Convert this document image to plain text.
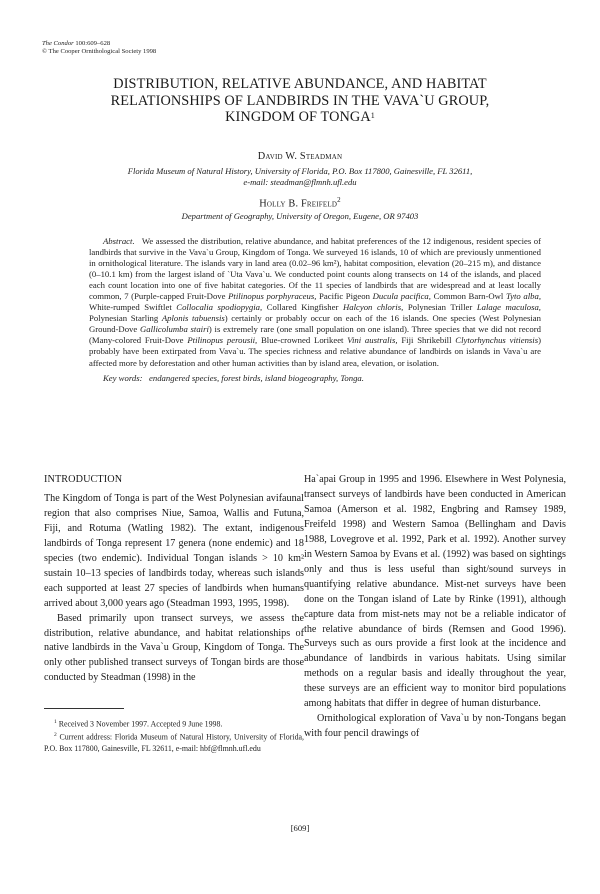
The Condor 100:609–628
© The Cooper Ornithological Society 1998
DISTRIBUTION, RELATIVE ABUNDANCE, AND HABITAT
RELATIONSHIPS OF LANDBIRDS IN THE VAVA`U GROUP,
KINGDOM OF TONGA$^1$
David W. Steadman
Florida Museum of Natural History, University of Florida, P.O. Box 117800, Gainesville, FL 32611,
e-mail: steadman@flmnh.ufl.edu
Holly B. Freifeld$^2$
Department of Geography, University of Oregon, Eugene, OR 97403

Abstract. We assessed the distribution, relative abundance, and habitat preferences of the 12 indigenous, resident species of landbirds that survive in the Vava`u Group, Kingdom of Tonga. We surveyed 16 islands, 10 of which are previously unmentioned in ornithological literature. The islands vary in land area (0.02–96 km²), habitat composition, elevation (20–215 m), and distance (0–10.1 km) from the largest island of `Uta Vava`u. We conducted point counts along transects on 14 of the islands, and placed each count location into one of five habitat categories. Of the 11 species of landbirds that are widespread and at least locally common, 7 (Purple-capped Fruit-Dove Ptilinopus porphyraceus, Pacific Pigeon Ducula pacifica, Common Barn-Owl Tyto alba, White-rumped Swiftlet Collocalia spodiopygia, Collared Kingfisher Halcyon chloris, Polynesian Triller Lalage maculosa, Polynesian Starling Aplonis tabuensis) certainly or probably occur on each of the 16 islands. One species (West Polynesian Ground-Dove Gallicolumba stairi) is extremely rare (one small population on one island). Three species that we did not record (Many-colored Fruit-Dove Ptilinopus perousii, Blue-crowned Lorikeet Vini australis, Fiji Shrikebill Clytorhynchus vitiensis) probably have been extirpated from Vava`u. The species richness and relative abundance of landbirds on islands in Vava`u are affected more by deforestation and other human activities than by island area, elevation, or isolation.

Key words: endangered species, forest birds, island biogeography, Tonga.

INTRODUCTION

The Kingdom of Tonga is part of the West Polynesian avifaunal region that also comprises Niue, Samoa, Wallis and Futuna, Fiji, and Rotuma (Watling 1982). The extant, indigenous landbirds of Tonga represent 17 genera (none endemic) and 18 species (two endemic). Individual Tongan islands > 10 km² sustain 10–13 species of landbirds today, whereas such islands each supported at least 27 species of landbirds when humans arrived about 3,000 years ago (Steadman 1993, 1995, 1998).

Based primarily upon transect surveys, we assess the distribution, relative abundance, and habitat relationships of native landbirds in the Vava`u Group, Kingdom of Tonga. The only other published transect surveys of Tongan birds are those conducted by Steadman (1998) in the

$^1$ Received 3 November 1997. Accepted 9 June 1998.
$^2$ Current address: Florida Museum of Natural History, University of Florida, P.O. Box 117800, Gainesville, FL 32611, e-mail: hbf@flmnh.ufl.edu

Ha`apai Group in 1995 and 1996. Elsewhere in West Polynesia, transect surveys of landbirds have been conducted in American Samoa (Amerson et al. 1982, Engbring and Ramsey 1989, Freifeld 1998) and Western Samoa (Bellingham and Davis 1988, Lovegrove et al. 1992, Park et al. 1992). Another survey in Western Samoa by Evans et al. (1992) was based on sightings only and thus is less useful than sight/sound surveys in quantifying relative abundance. Mist-net surveys have been done on the Tongan island of Late by Rinke (1991), although capture data from mist-nets may not be a reliable indicator of the relative abundance of birds (Remsen and Good 1996). Surveys such as ours provide a first look at the incidence and abundance of landbirds in various habitats. Using similar methods on a regular basis and ideally throughout the year, these surveys are an efficient way to monitor bird populations among habitats that differ in degree of human disturbance.

Ornithological exploration of Vava`u by non-Tongans began with four pencil drawings of

[609]
